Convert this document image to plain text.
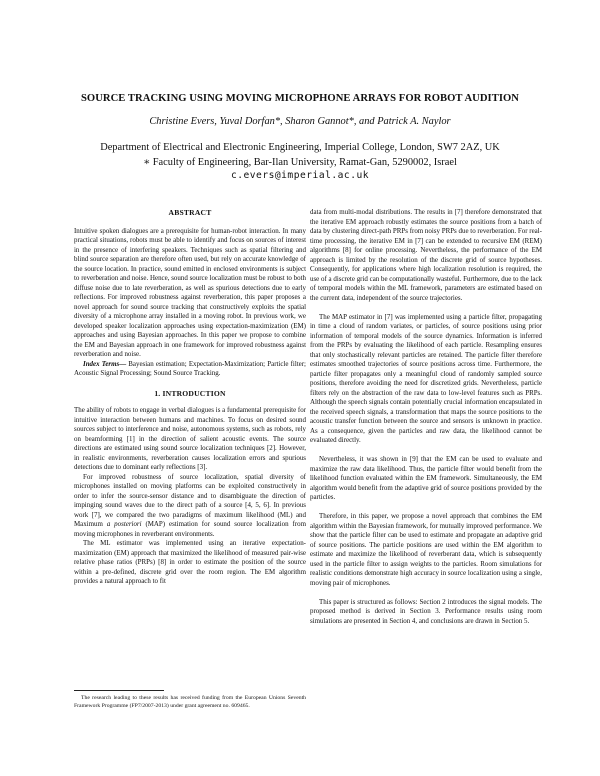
SOURCE TRACKING USING MOVING MICROPHONE ARRAYS FOR ROBOT AUDITION
Christine Evers, Yuval Dorfan*, Sharon Gannot*, and Patrick A. Naylor
Department of Electrical and Electronic Engineering, Imperial College, London, SW7 2AZ, UK
∗ Faculty of Engineering, Bar-Ilan University, Ramat-Gan, 5290002, Israel
c.evers@imperial.ac.uk
ABSTRACT

Intuitive spoken dialogues are a prerequisite for human-robot interaction. In many practical situations, robots must be able to identify and focus on sources of interest in the presence of interfering speakers. Techniques such as spatial filtering and blind source separation are therefore often used, but rely on accurate knowledge of the source location. In practice, sound emitted in enclosed environments is subject to reverberation and noise. Hence, sound source localization must be robust to both diffuse noise due to late reverberation, as well as spurious detections due to early reflections. For improved robustness against reverberation, this paper proposes a novel approach for sound source tracking that constructively exploits the spatial diversity of a microphone array installed in a moving robot. In previous work, we developed speaker localization approaches using expectation-maximization (EM) approaches and using Bayesian approaches. In this paper we propose to combine the EM and Bayesian approach in one framework for improved robustness against reverberation and noise.

Index Terms— Bayesian estimation; Expectation-Maximization; Particle filter; Acoustic Signal Processing; Sound Source Tracking.

1. INTRODUCTION

The ability of robots to engage in verbal dialogues is a fundamental prerequisite for intuitive interaction between humans and machines. To focus on desired sound sources subject to interference and noise, autonomous systems, such as robots, rely on beamforming [1] in the direction of salient acoustic events. The source directions are estimated using sound source localization techniques [2]. However, in realistic environments, reverberation causes localization errors and spurious detections due to dominant early reflections [3].

For improved robustness of source localization, spatial diversity of microphones installed on moving platforms can be exploited constructively in order to infer the source-sensor distance and to disambiguate the direction of impinging sound waves due to the direct path of a source [4, 5, 6]. In previous work [7], we compared the two paradigms of maximum likelihood (ML) and Maximum a posteriori (MAP) estimation for sound source localization from moving microphones in reverberant environments.

The ML estimator was implemented using an iterative expectation-maximization (EM) approach that maximized the likelihood of measured pair-wise relative phase ratios (PRPs) [8] in order to estimate the position of the source within a pre-defined, discrete grid over the room region. The EM algorithm provides a natural approach to fit

The research leading to these results has received funding from the European Unions Seventh Framework Programme (FP7/2007-2013) under grant agreement no. 609465.

data from multi-modal distributions. The results in [7] therefore demonstrated that the iterative EM approach robustly estimates the source positions from a batch of data by clustering direct-path PRPs from noisy PRPs due to reverberation. For real-time processing, the iterative EM in [7] can be extended to recursive EM (REM) algorithms [8] for online processing. Nevertheless, the performance of the EM approach is limited by the resolution of the discrete grid of source hypotheses. Consequently, for applications where high localization resolution is required, the use of a discrete grid can be computationally wasteful. Furthermore, due to the lack of temporal models within the ML framework, parameters are estimated based on the current data, independent of the source trajectories.

The MAP estimator in [7] was implemented using a particle filter, propagating in time a cloud of random variates, or particles, of source positions using prior information of temporal models of the source dynamics. Information is inferred from the PRPs by evaluating the likelihood of each particle. Resampling ensures that only stochastically relevant particles are retained. The particle filter therefore estimates smoothed trajectories of source positions across time. Furthermore, the particle filter propagates only a meaningful cloud of randomly sampled source positions, therefore avoiding the need for discretized grids. Nevertheless, particle filters rely on the abstraction of the raw data to low-level features such as PRPs. Although the speech signals contain potentially crucial information encapsulated in the received speech signals, a transformation that maps the source positions to the acoustic transfer function between the source and sensors is unknown in practice. As a consequence, given the particles and raw data, the likelihood cannot be evaluated directly.

Nevertheless, it was shown in [9] that the EM can be used to evaluate and maximize the raw data likelihood. Thus, the particle filter would benefit from the likelihood function evaluated within the EM framework. Simultaneously, the EM algorithm would benefit from the adaptive grid of source positions provided by the particles.

Therefore, in this paper, we propose a novel approach that combines the EM algorithm within the Bayesian framework, for mutually improved performance. We show that the particle filter can be used to estimate and propagate an adaptive grid of source positions. The particle positions are used within the EM algorithm to estimate and maximize the likelihood of reverberant data, which is subsequently used in the particle filter to assign weights to the particles. Room simulations for realistic conditions demonstrate high accuracy in source localization using a single, moving pair of microphones.

This paper is structured as follows: Section 2 introduces the signal models. The proposed method is derived in Section 3. Performance results using room simulations are presented in Section 4, and conclusions are drawn in Section 5.
